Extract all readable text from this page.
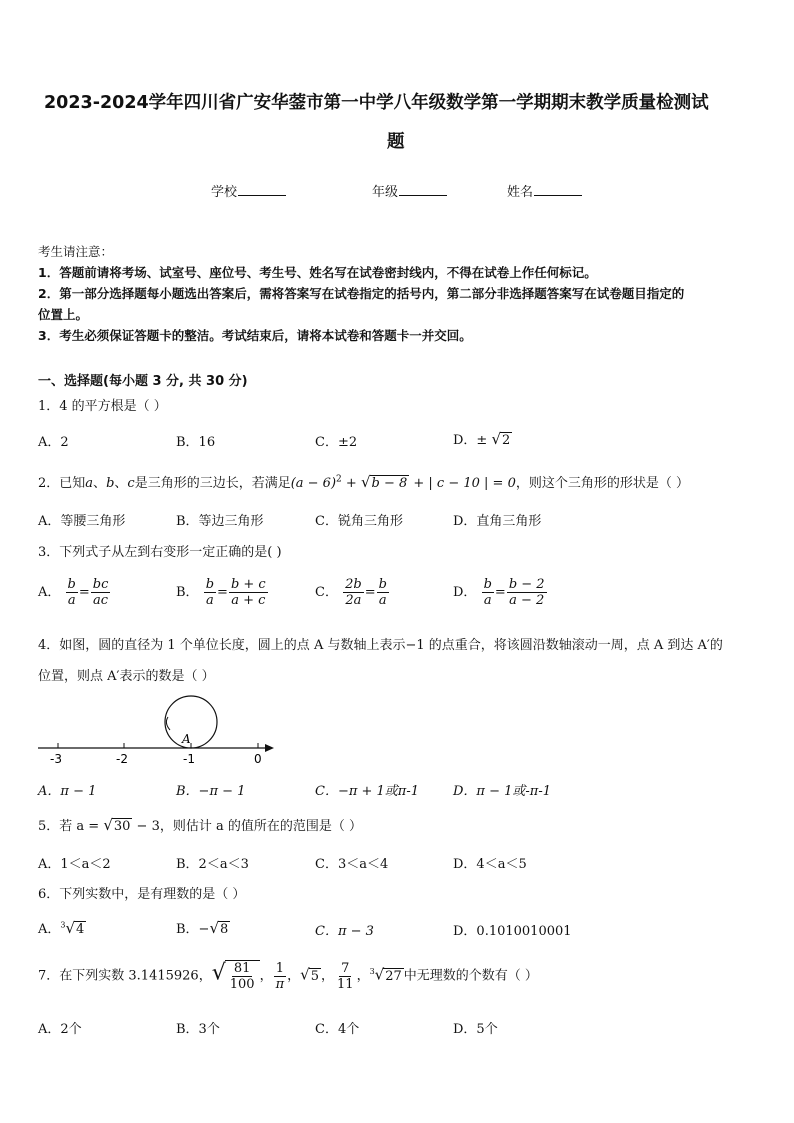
2023-2024学年四川省广安华蓥市第一中学八年级数学第一学期期末教学质量检测试
题
学校	年级	姓名
考生请注意：
1．答题前请将考场、试室号、座位号、考生号、姓名写在试卷密封线内，不得在试卷上作任何标记。
2．第一部分选择题每小题选出答案后，需将答案写在试卷指定的括号内，第二部分非选择题答案写在试卷题目指定的
位置上。
3．考生必须保证答题卡的整洁。考试结束后，请将本试卷和答题卡一并交回。
一、选择题(每小题 3 分, 共 30 分)
1．4 的平方根是（ ）
A．2	B．16	C．±2	D．± √2
2．已知a、b、c是三角形的三边长，若满足$(a - 6)^2 + √b - 8$ + | c − 10 | = 0，则这个三角形的形状是（ ）
A．等腰三角形	B．等边三角形	C．锐角三角形	D．直角三角形
3．下列式子从左到右变形一定正确的是( )
A． $\frac{b}{a} = \frac{bc}{ac}$	B． $\frac{b}{a} = \frac{b + c}{a + c}$	C． $\frac{2b}{2a} = \frac{b}{a}$	D． $\frac{b}{a} = \frac{b - 2}{a - 2}$
4．如图，圆的直径为 1 个单位长度，圆上的点 A 与数轴上表示−1 的点重合，将该圆沿数轴滚动一周，点 A 到达 A′的
位置，则点 A′表示的数是（ ）
-3	-2	-1	0
A
A．π − 1	B．−π − 1	C．−π + 1或π-1	D．π − 1或-π-1
5．若 a = √30 − 3，则估计 a 的值所在的范围是（ ）
A．1＜a＜2	B．2＜a＜3	C．3＜a＜4	D．4＜a＜5
6．下列实数中，是有理数的是（ ）
A．$^3$√4	B．−√8	C．π − 3	D．0.1010010001
7．在下列实数 3.1415926，√ $\frac{81}{100}$ ， $\frac{1}{\pi}$ ，√5 ， $\frac{7}{11}$ ，$^3$√27 中无理数的个数有（ ）
A．2个	B．3个	C．4个	D．5个
